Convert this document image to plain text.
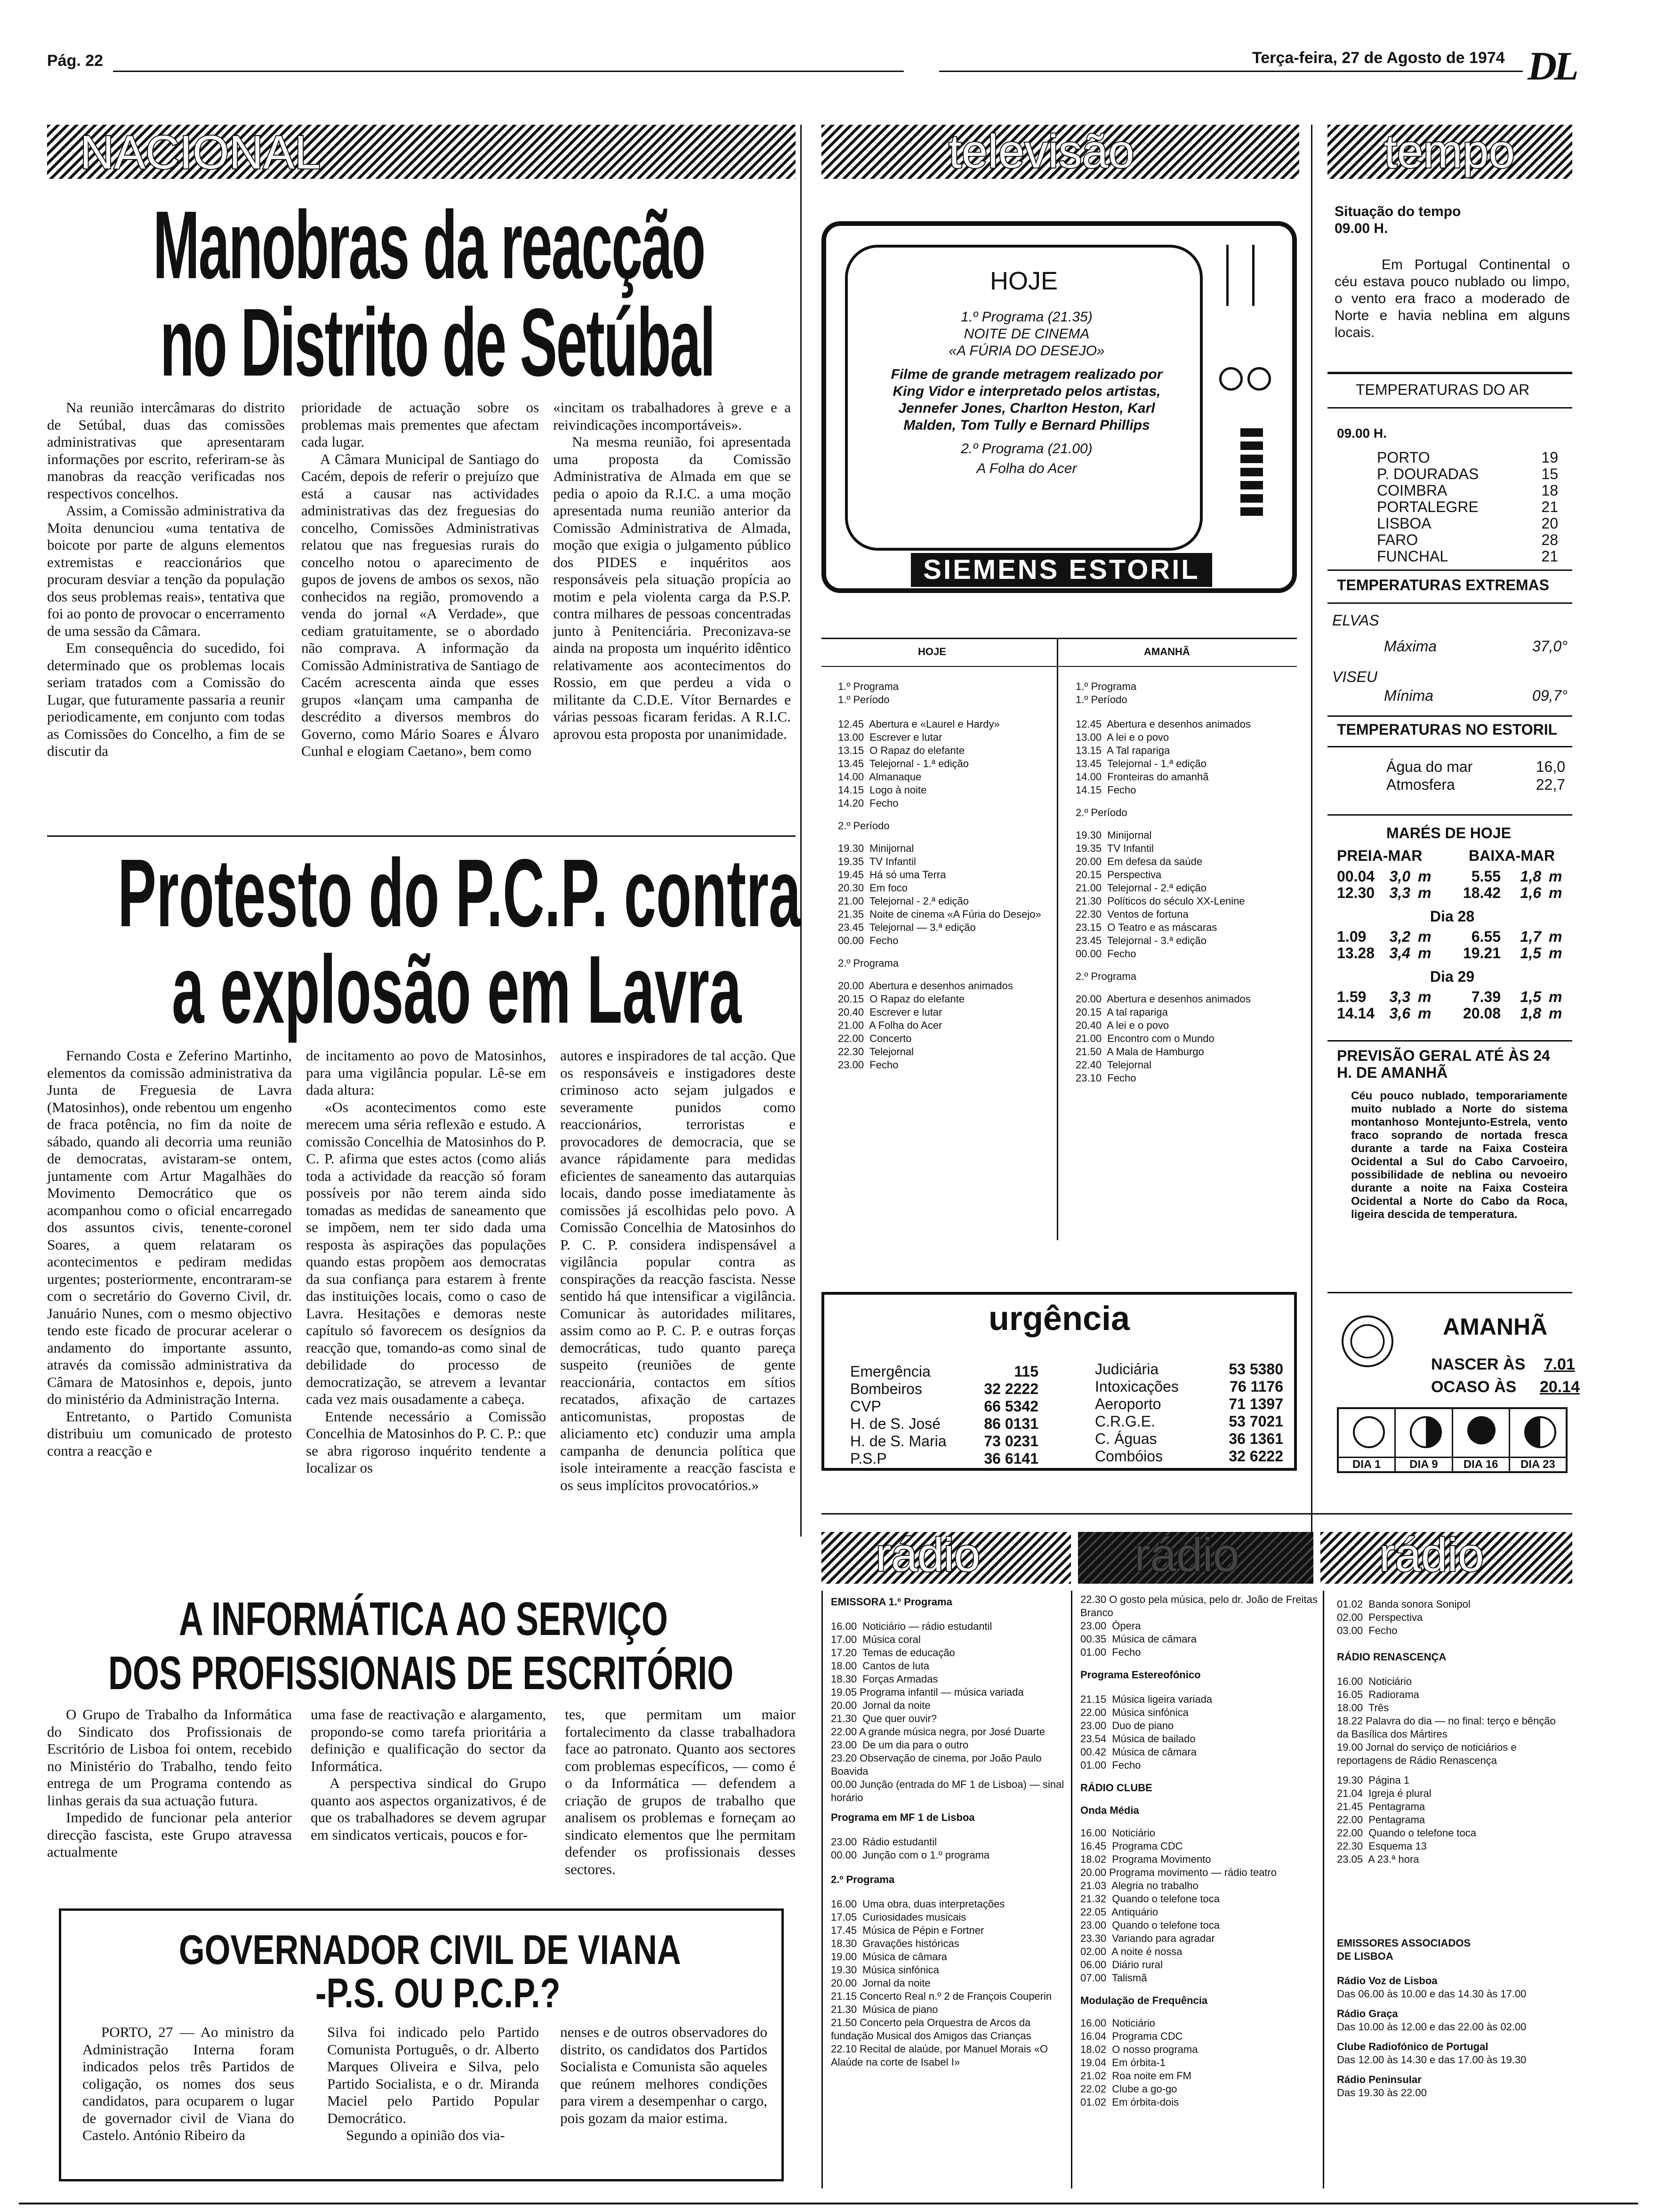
Pág. 22	Terça-feira, 27 de Agosto de 1974 DL
NACIONAL
Manobras da reacção
no Distrito de Setúbal

Na reunião intercâmaras do distrito de Setúbal, duas das comissões administrativas que apresentaram informações por escrito, referiram-se às manobras da reacção verificadas nos respectivos concelhos.

Assim, a Comissão administrativa da Moita denunciou «uma tentativa de boicote por parte de alguns elementos extremistas e reaccionários que procuram desviar a tenção da população dos seus problemas reais», tentativa que foi ao ponto de provocar o encerramento de uma sessão da Câmara.

Em consequência do sucedido, foi determinado que os problemas locais seriam tratados com a Comissão do Lugar, que futuramente passaria a reunir periodicamente, em conjunto com todas as Comissões do Concelho, a fim de se discutir da

prioridade de actuação sobre os problemas mais prementes que afectam cada lugar.

A Câmara Municipal de Santiago do Cacém, depois de referir o prejuízo que está a causar nas actividades administrativas das dez freguesias do concelho, Comissões Administrativas relatou que nas freguesias rurais do concelho notou o aparecimento de gupos de jovens de ambos os sexos, não conhecidos na região, promovendo a venda do jornal «A Verdade», que cediam gratuitamente, se o abordado não comprava. A informação da Comissão Administrativa de Santiago de Cacém acrescenta ainda que esses grupos «lançam uma campanha de descrédito a diversos membros do Governo, como Mário Soares e Álvaro Cunhal e elogiam Caetano», bem como

«incitam os trabalhadores à greve e a reivindicações incomportáveis».

Na mesma reunião, foi apresentada uma proposta da Comissão Administrativa de Almada em que se pedia o apoio da R.I.C. a uma moção apresentada numa reunião anterior da Comissão Administrativa de Almada, moção que exigia o julgamento público dos PIDES e inquéritos aos responsáveis pela situação propícia ao motim e pela violenta carga da P.S.P. contra milhares de pessoas concentradas junto à Penitenciária. Preconizava-se ainda na proposta um inquérito idêntico relativamente aos acontecimentos do Rossio, em que perdeu a vida o militante da C.D.E. Vítor Bernardes e várias pessoas ficaram feridas. A R.I.C. aprovou esta proposta por unanimidade.

Protesto do P.C.P. contra
a explosão em Lavra

Fernando Costa e Zeferino Martinho, elementos da comissão administrativa da Junta de Freguesia de Lavra (Matosinhos), onde rebentou um engenho de fraca potência, no fim da noite de sábado, quando ali decorria uma reunião de democratas, avistaram-se ontem, juntamente com Artur Magalhães do Movimento Democrático que os acompanhou como o oficial encarregado dos assuntos civis, tenente-coronel Soares, a quem relataram os acontecimentos e pediram medidas urgentes; posteriormente, encontraram-se com o secretário do Governo Civil, dr. Januário Nunes, com o mesmo objectivo tendo este ficado de procurar acelerar o andamento do importante assunto, através da comissão administrativa da Câmara de Matosinhos e, depois, junto do ministério da Administração Interna.

Entretanto, o Partido Comunista distribuiu um comunicado de protesto contra a reacção e

de incitamento ao povo de Matosinhos, para uma vigilância popular. Lê-se em dada altura:

«Os acontecimentos como este merecem uma séria reflexão e estudo. A comissão Concelhia de Matosinhos do P. C. P. afirma que estes actos (como aliás toda a actividade da reacção só foram possíveis por não terem ainda sido tomadas as medidas de saneamento que se impõem, nem ter sido dada uma resposta às aspirações das populações quando estas propõem aos democratas da sua confiança para estarem à frente das instituições locais, como o caso de Lavra. Hesitações e demoras neste capítulo só favorecem os desígnios da reacção que, tomando-as como sinal de debilidade do processo de democratização, se atrevem a levantar cada vez mais ousadamente a cabeça.

Entende necessário a Comissão Concelhia de Matosinhos do P. C. P.: que se abra rigoroso inquérito tendente a localizar os

autores e inspiradores de tal acção. Que os responsáveis e instigadores deste criminoso acto sejam julgados e severamente punidos como reaccionários, terroristas e provocadores de democracia, que se avance rápidamente para medidas eficientes de saneamento das autarquias locais, dando posse imediatamente às comissões já escolhidas pelo povo. A Comissão Concelhia de Matosinhos do P. C. P. considera indispensável a vigilância popular contra as conspirações da reacção fascista. Nesse sentido há que intensificar a vigilância. Comunicar às autoridades militares, assim como ao P. C. P. e outras forças democráticas, tudo quanto pareça suspeito (reuniões de gente reaccionária, contactos em sítios recatados, afixação de cartazes anticomunistas, propostas de aliciamento etc) conduzir uma ampla campanha de denuncia política que isole inteiramente a reacção fascista e os seus implícitos provocatórios.»

A INFORMÁTICA AO SERVIÇO
DOS PROFISSIONAIS DE ESCRITÓRIO

O Grupo de Trabalho da Informática do Sindicato dos Profissionais de Escritório de Lisboa foi ontem, recebido no Ministério do Trabalho, tendo feito entrega de um Programa contendo as linhas gerais da sua actuação futura.

Impedido de funcionar pela anterior direcção fascista, este Grupo atravessa actualmente

uma fase de reactivação e alargamento, propondo-se como tarefa prioritária a definição e qualificação do sector da Informática.

A perspectiva sindical do Grupo quanto aos aspectos organizativos, é de que os trabalhadores se devem agrupar em sindicatos verticais, poucos e for-

tes, que permitam um maior fortalecimento da classe trabalhadora face ao patronato. Quanto aos sectores com problemas específicos, — como é o da Informática — defendem a criação de grupos de trabalho que analisem os problemas e forneçam ao sindicato elementos que lhe permitam defender os profissionais desses sectores.

GOVERNADOR CIVIL DE VIANA
-P.S. OU P.C.P.?

PORTO, 27 — Ao ministro da Administração Interna foram indicados pelos três Partidos de coligação, os nomes dos seus candidatos, para ocuparem o lugar de governador civil de Viana do Castelo. António Ribeiro da

Silva foi indicado pelo Partido Comunista Português, o dr. Alberto Marques Oliveira e Silva, pelo Partido Socialista, e o dr. Miranda Maciel pelo Partido Popular Democrático.

Segundo a opinião dos via-

nenses e de outros observadores do distrito, os candidatos dos Partidos Socialista e Comunista são aqueles que reúnem melhores condições para virem a desempenhar o cargo, pois gozam da maior estima.

televisão
HOJE
1.º Programa (21.35)
NOITE DE CINEMA
«A FÚRIA DO DESEJO»
Filme de grande metragem realizado por King Vidor e interpretado pelos artistas, Jennefer Jones, Charlton Heston, Karl Malden, Tom Tully e Bernard Phillips
2.º Programa (21.00)
A Folha do Acer
SIEMENS ESTORIL
HOJE	AMANHÃ
1.º Programa
1.º Período
12.45  Abertura e «Laurel e Hardy»
13.00  Escrever e lutar
13.15  O Rapaz do elefante
13.45  Telejornal - 1.ª edição
14.00  Almanaque
14.15  Logo à noite
14.20  Fecho
2.º Período
19.30  Minijornal
19.35  TV Infantil
19.45  Há só uma Terra
20.30  Em foco
21.00  Telejornal - 2.ª edição
21.35  Noite de cinema «A Fúria do Desejo»
23.45  Telejornal — 3.ª edição
00.00  Fecho
2.º Programa
20.00  Abertura e desenhos animados
20.15  O Rapaz do elefante
20.40  Escrever e lutar
21.00  A Folha do Acer
22.00  Concerto
22.30  Telejornal
23.00  Fecho
1.º Programa
1.º Período
12.45  Abertura e desenhos animados
13.00  A lei e o povo
13.15  A Tal rapariga
13.45  Telejornal - 1.ª edição
14.00  Fronteiras do amanhã
14.15  Fecho
2.º Período
19.30  Minijornal
19.35  TV Infantil
20.00  Em defesa da saúde
20.15  Perspectiva
21.00  Telejornal - 2.ª edição
21.30  Políticos do século XX-Lenine
22.30  Ventos de fortuna
23.15  O Teatro e as máscaras
23.45  Telejornal - 3.ª edição
00.00  Fecho
2.º Programa
20.00  Abertura e desenhos animados
20.15  A tal rapariga
20.40  A lei e o povo
21.00  Encontro com o Mundo
21.50  A Mala de Hamburgo
22.40  Telejornal
23.10  Fecho
urgência
Emergência	115
Bombeiros	32 2222
CVP	66 5342
H. de S. José	86 0131
H. de S. Maria 73 0231
P.S.P	36 6141
Judiciária	53 5380
Intoxicações	76 1176
Aeroporto	71 1397
C.R.G.E.	53 7021
C. Águas	36 1361
Combóios	32 6222
tempo
Situação do tempo
09.00 H.
Em Portugal Continental o céu estava pouco nublado ou limpo, o vento era fraco a moderado de Norte e havia neblina em alguns locais.
TEMPERATURAS DO AR
09.00 H.
PORTO	19
P. DOURADAS	15
COIMBRA	18
PORTALEGRE	21
LISBOA	20
FARO	28
FUNCHAL	21
TEMPERATURAS EXTREMAS
ELVAS
Máxima	37,0°
VISEU
Mínima	09,7°
TEMPERATURAS NO ESTORIL
Água do mar	16,0
Atmosfera	22,7
MARÉS DE HOJE
PREIA-MAR	BAIXA-MAR
00.04 3,0 m	5.55	1,8 m
12.30 3,3 m	18.42	1,6 m
Dia 28
1.09	3,2 m	6.55	1,7 m
13.28 3,4 m	19.21	1,5 m
Dia 29
1.59	3,3 m	7.39	1,5 m
14.14 3,6 m	20.08	1,8 m
PREVISÃO GERAL ATÉ ÀS 24 H. DE AMANHÃ
Céu pouco nublado, temporariamente muito nublado a Norte do sistema montanhoso Montejunto-Estrela, vento fraco soprando de nortada fresca durante a tarde na Faixa Costeira Ocidental a Sul do Cabo Carvoeiro, possibilidade de neblina ou nevoeiro durante a noite na Faixa Costeira Ocidental a Norte do Cabo da Roca, ligeira descida de temperatura.
AMANHÃ
NASCER ÀS 7.01
OCASO ÀS 20.14
DIA 1	DIA 9	DIA 16	DIA 23
rádio	rádio	rádio
EMISSORA 1.º Programa
16.00  Noticiário — rádio estudantil
17.00  Música coral
17.20  Temas de educação
18.00  Cantos de luta
18.30  Forças Armadas
19.05 Programa infantil — música variada
20.00  Jornal da noite
21.30  Que quer ouvir?
22.00 A grande música negra, por José Duarte
23.00  De um dia para o outro
23.20 Observação de cinema, por João Paulo Boavida
00.00 Junção (entrada do MF 1 de Lisboa) — sinal horário
Programa em MF 1 de Lisboa
23.00  Rádio estudantil
00.00  Junção com o 1.º programa
2.º Programa
16.00  Uma obra, duas interpretações
17.05  Curiosidades musicais
17.45  Música de Pépin e Fortner
18.30  Gravações históricas
19.00  Música de câmara
19.30  Música sinfónica
20.00  Jornal da noite
21.15 Concerto Real n.º 2 de François Couperin
21.30  Música de piano
21.50 Concerto pela Orquestra de Arcos da fundação Musical dos Amigos das Crianças
22.10 Recital de alaúde, por Manuel Morais «O Alaúde na corte de Isabel I»
22.30 O gosto pela música, pelo dr. João de Freitas Branco
23.00  Ópera
00.35  Música de câmara
01.00  Fecho
Programa Estereofónico
21.15  Música ligeira variada
22.00  Música sinfónica
23.00  Duo de piano
23.54  Música de bailado
00.42  Música de câmara
01.00  Fecho
RÁDIO CLUBE
Onda Média
16.00  Noticiário
16.45  Programa CDC
18.02  Programa Movimento
20.00 Programa movimento — rádio teatro
21.03  Alegria no trabalho
21.32  Quando o telefone toca
22.05  Antiquário
23.00  Quando o telefone toca
23.30  Variando para agradar
02.00  A noite é nossa
06.00  Diário rural
07.00  Talismã
Modulação de Frequência
16.00  Noticiário
16.04  Programa CDC
18.02  O nosso programa
19.04  Em órbita-1
21.02  Roa noite em FM
22.02  Clube a go-go
01.02  Em órbita-dois
01.02  Banda sonora Sonipol
02.00  Perspectiva
03.00  Fecho
RÁDIO RENASCENÇA
16.00  Noticiário
16.05  Radiorama
18.00  Três
18.22 Palavra do dia — no final: terço e bênção da Basílica dos Mártires
19.00 Jornal do serviço de noticiários e reportagens de Rádio Renascença
19.30  Página 1
21.04  Igreja é plural
21.45  Pentagrama
22.00  Pentagrama
22.00  Quando o telefone toca
22.30  Esquema 13
23.05  A 23.ª hora
EMISSORES ASSOCIADOS DE LISBOA
Rádio Voz de Lisboa
Das 06.00 às 10.00 e das 14.30 às 17.00
Rádio Graça
Das 10.00 às 12.00 e das 22.00 às 02.00
Clube Radiofónico de Portugal
Das 12.00 às 14.30 e das 17.00 às 19.30
Rádio Peninsular
Das 19.30 às 22.00
